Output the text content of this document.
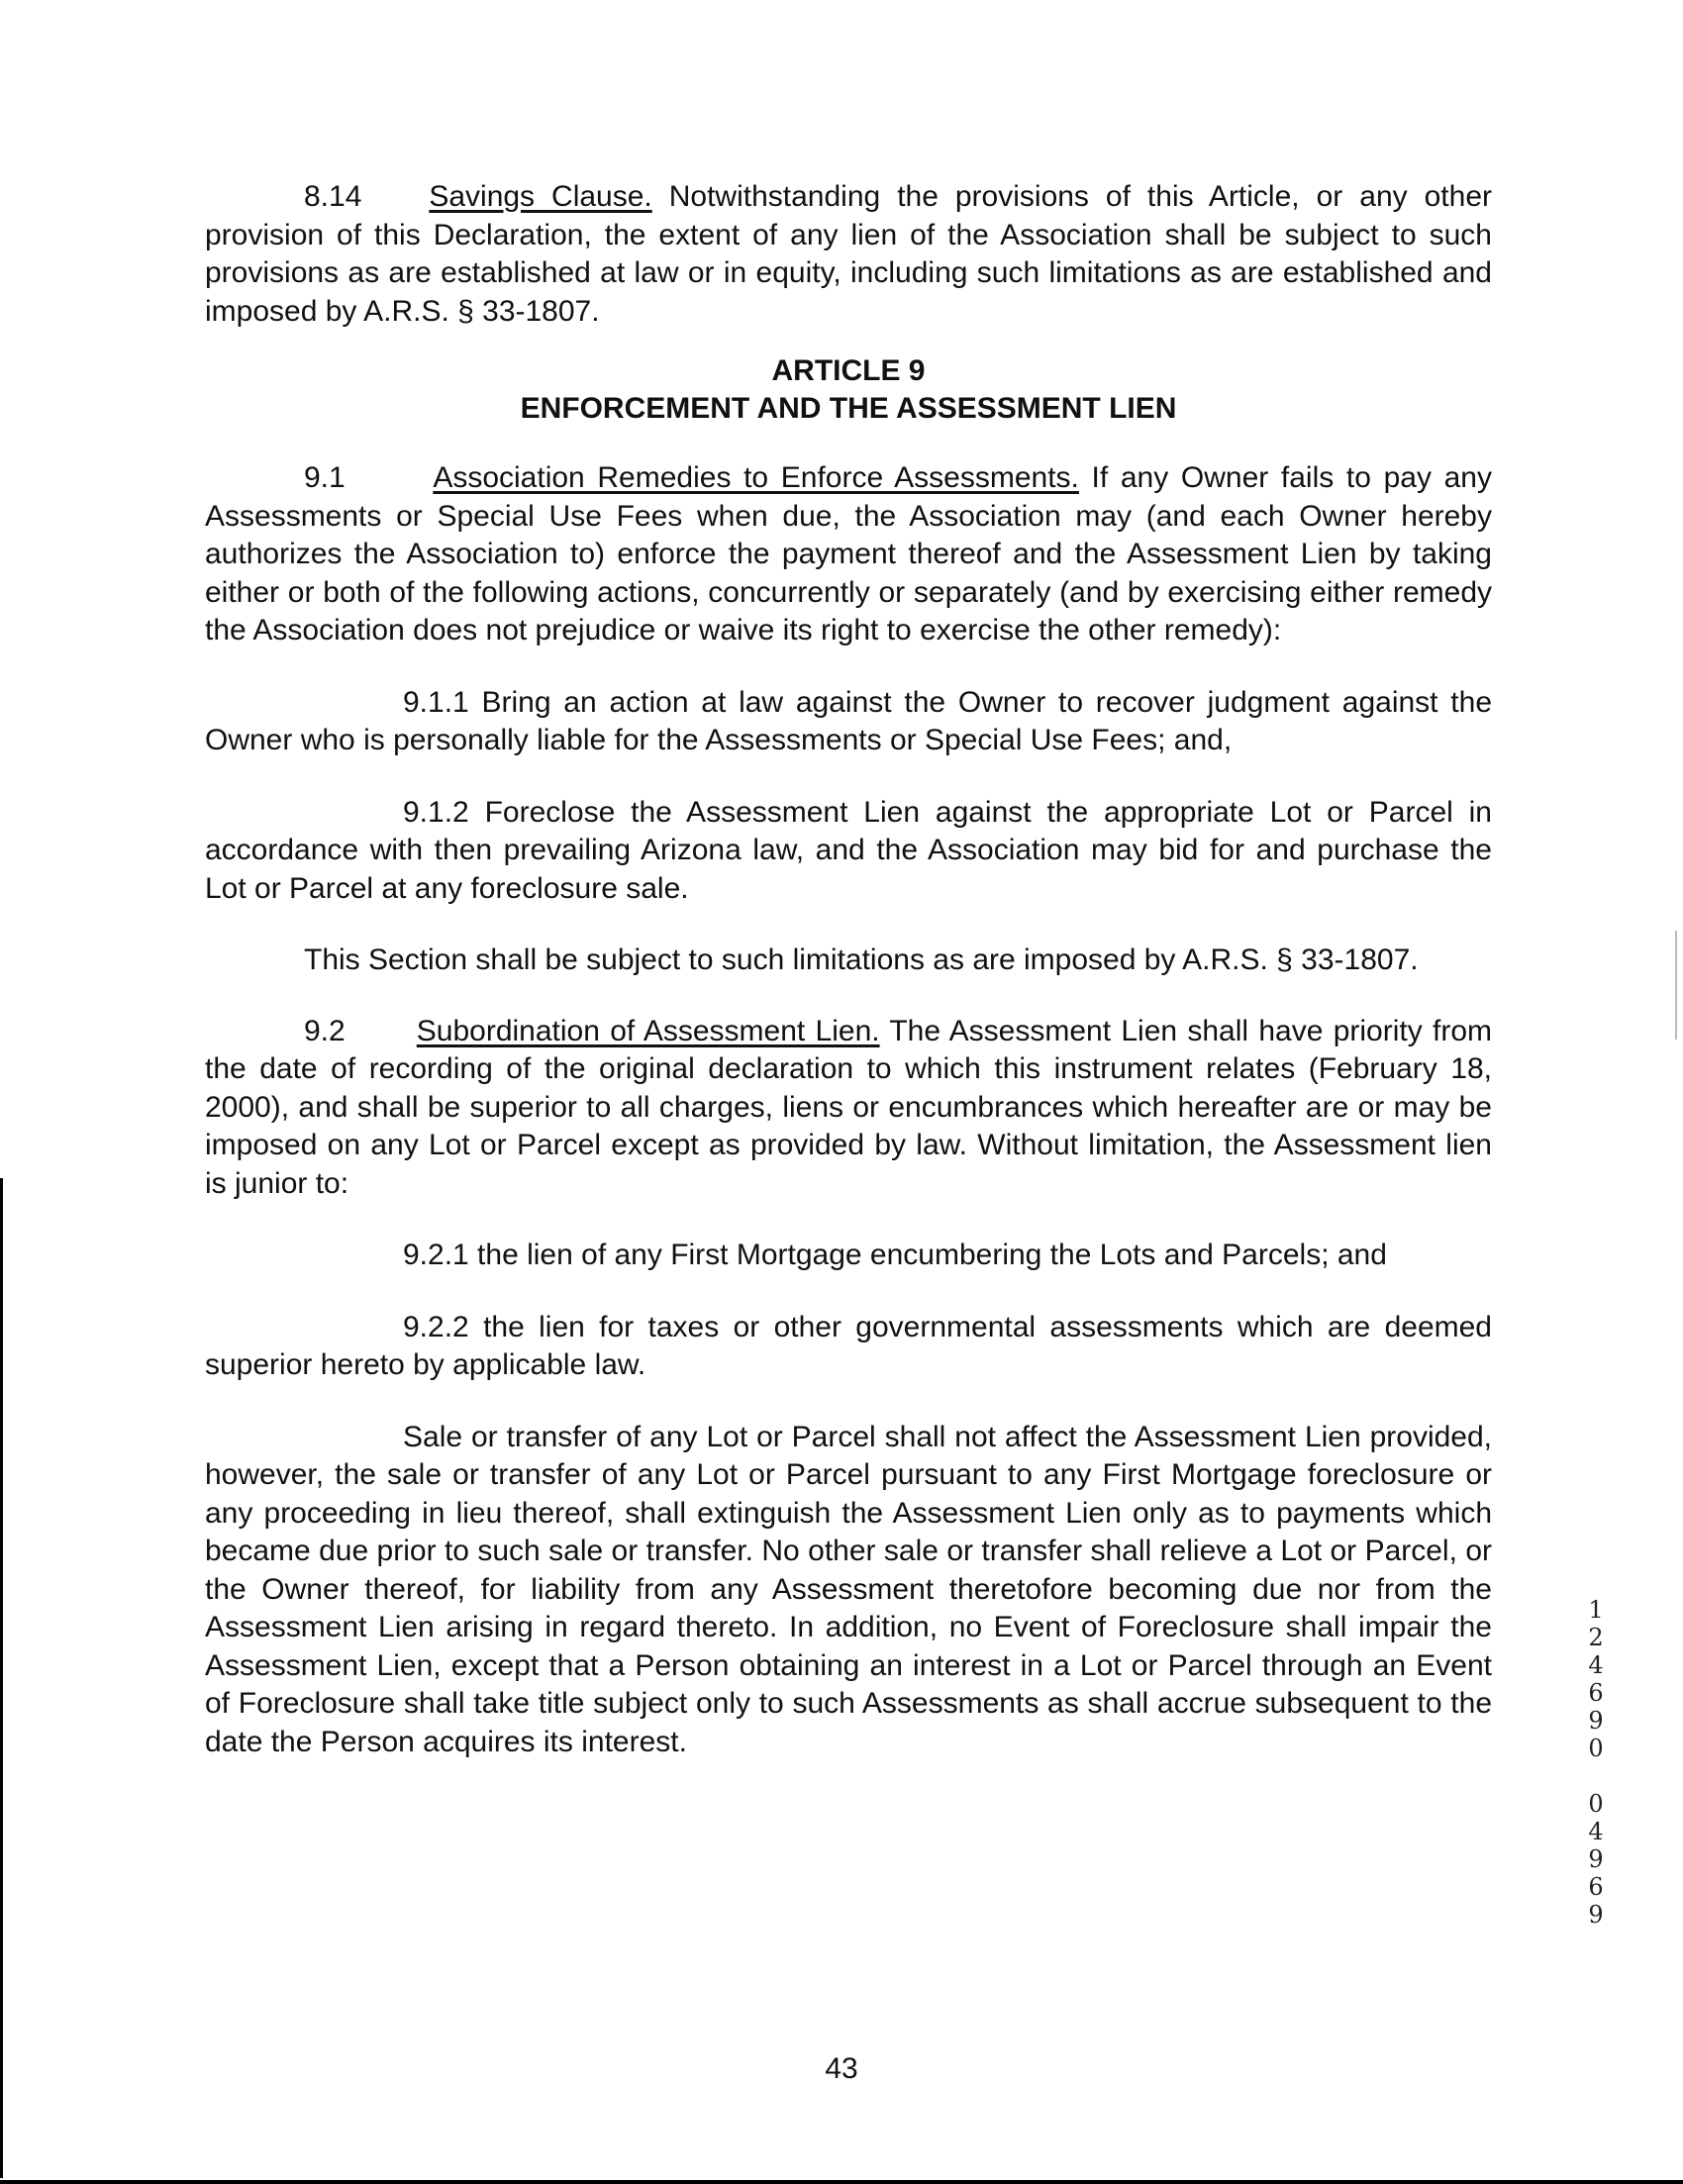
8.14 Savings Clause. Notwithstanding the provisions of this Article, or any other provision of this Declaration, the extent of any lien of the Association shall be subject to such provisions as are established at law or in equity, including such limitations as are established and imposed by A.R.S. § 33-1807.

ARTICLE 9
ENFORCEMENT AND THE ASSESSMENT LIEN

9.1	Association Remedies to Enforce Assessments. If any Owner fails to pay any Assessments or Special Use Fees when due, the Association may (and each Owner hereby authorizes the Association to) enforce the payment thereof and the Assessment Lien by taking either or both of the following actions, concurrently or separately (and by exercising either remedy the Association does not prejudice or waive its right to exercise the other remedy):

9.1.1 Bring an action at law against the Owner to recover judgment against the Owner who is personally liable for the Assessments or Special Use Fees; and,

9.1.2 Foreclose the Assessment Lien against the appropriate Lot or Parcel in accordance with then prevailing Arizona law, and the Association may bid for and purchase the Lot or Parcel at any foreclosure sale.

This Section shall be subject to such limitations as are imposed by A.R.S. § 33-1807.

9.2 Subordination of Assessment Lien. The Assessment Lien shall have priority from the date of recording of the original declaration to which this instrument relates (February 18, 2000), and shall be superior to all charges, liens or encumbrances which hereafter are or may be imposed on any Lot or Parcel except as provided by law. Without limitation, the Assessment lien is junior to:

9.2.1 the lien of any First Mortgage encumbering the Lots and Parcels; and

9.2.2 the lien for taxes or other governmental assessments which are deemed superior hereto by applicable law.

Sale or transfer of any Lot or Parcel shall not affect the Assessment Lien provided, however, the sale or transfer of any Lot or Parcel pursuant to any First Mortgage foreclosure or any proceeding in lieu thereof, shall extinguish the Assessment Lien only as to payments which became due prior to such sale or transfer. No other sale or transfer shall relieve a Lot or Parcel, or the Owner thereof, for liability from any Assessment theretofore becoming due nor from the Assessment Lien arising in regard thereto. In addition, no Event of Foreclosure shall impair the Assessment Lien, except that a Person obtaining an interest in a Lot or Parcel through an Event of Foreclosure shall take title subject only to such Assessments as shall accrue subsequent to the date the Person acquires its interest.

43
124690 04969
